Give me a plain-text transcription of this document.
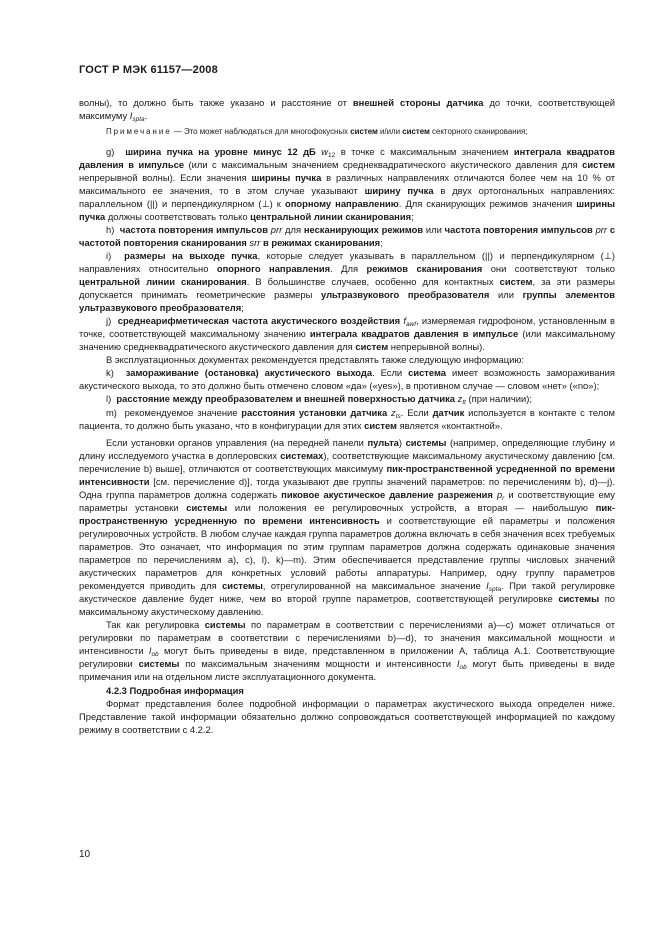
ГОСТ Р МЭК 61157—2008

волны), то должно быть также указано и расстояние от внешней стороны датчика до точки, соответствующей максимуму $I_{spta}$.

Примечание — Это может наблюдаться для многофокусных систем и/или систем секторного сканирования;

g)  ширина пучка на уровне минус 12 дБ $w_{12}$ в точке с максимальным значением интеграла квадратов давления в импульсе (или с максимальным значением среднеквадратического акустического давления для систем непрерывной волны). Если значения ширины пучка в различных направлениях отличаются более чем на 10 % от максимального ее значения, то в этом случае указывают ширину пучка в двух ортогональных направлениях: параллельном (||) и перпендикулярном (⊥) к опорному направлению. Для сканирующих режимов значения ширины пучка должны соответствовать только центральной линии сканирования;

h)  частота повторения импульсов prr для несканирующих режимов или частота повторения импульсов prr с частотой повторения сканирования srr в режимах сканирования;

i)  размеры на выходе пучка, которые следует указывать в параллельном (||) и перпендикулярном (⊥) направлениях относительно опорного направления. Для режимов сканирования они соответствуют только центральной линии сканирования. В большинстве случаев, особенно для контактных систем, за эти размеры допускается принимать геометрические размеры ультразвукового преобразователя или группы элементов ультразвукового преобразователя;

j)  среднеарифметическая частота акустического воздействия $f_{awf}$, измеряемая гидрофоном, установленным в точке, соответствующей максимальному значению интеграла квадратов давления в импульсе (или максимальному значению среднеквадратического акустического давления для систем непрерывной волны).

В эксплуатационных документах рекомендуется представлять также следующую информацию:

k)  замораживание (остановка) акустического выхода. Если система имеет возможность замораживания акустического выхода, то это должно быть отмечено словом «да» («yes»), в противном случае — словом «нет» («no»);

l)  расстояние между преобразователем и внешней поверхностью датчика $z_{tt}$ (при наличии);

m)  рекомендуемое значение расстояния установки датчика $z_{ts}$. Если датчик используется в контакте с телом пациента, то должно быть указано, что в конфигурации для этих систем является «контактной».

Если установки органов управления (на передней панели пульта) системы (например, определяющие глубину и длину исследуемого участка в доплеровских системах), соответствующие максимальному акустическому давлению [см. перечисление b) выше], отличаются от соответствующих максимуму пик-пространственной усредненной по времени интенсивности [см. перечисление d)], тогда указывают две группы значений параметров: по перечислениям b), d)—j). Одна группа параметров должна содержать пиковое акустическое давление разрежения $p_r$ и соответствующие ему параметры установки системы или положения ее регулировочных устройств, а вторая — наибольшую пик-пространственную усредненную по времени интенсивность и соответствующие ей параметры и положения регулировочных устройств. В любом случае каждая группа параметров должна включать в себя значения всех требуемых параметров. Это означает, что информация по этим группам параметров должна содержать одинаковые значения параметров по перечислениям a), c), l), k)—m). Этим обеспечивается представление группы числовых значений акустических параметров для конкретных условий работы аппаратуры. Например, одну группу параметров рекомендуется приводить для системы, отрегулированной на максимальное значение $I_{spta}$. При такой регулировке акустическое давление будет ниже, чем во второй группе параметров, соответствующей регулировке системы по максимальному акустическому давлению.

Так как регулировка системы по параметрам в соответствии с перечислениями a)—c) может отличаться от регулировки по параметрам в соответствии с перечислениями b)—d), то значения максимальной мощности и интенсивности $I_{ob}$ могут быть приведены в виде, представленном в приложении А, таблица А.1. Соответствующие регулировки системы по максимальным значениям мощности и интенсивности $I_{ob}$ могут быть приведены в виде примечания или на отдельном листе эксплуатационного документа.

4.2.3 Подробная информация

Формат представления более подробной информации о параметрах акустического выхода определен ниже. Представление такой информации обязательно должно сопровождаться соответствующей информацией по каждому режиму в соответствии с 4.2.2.

10
